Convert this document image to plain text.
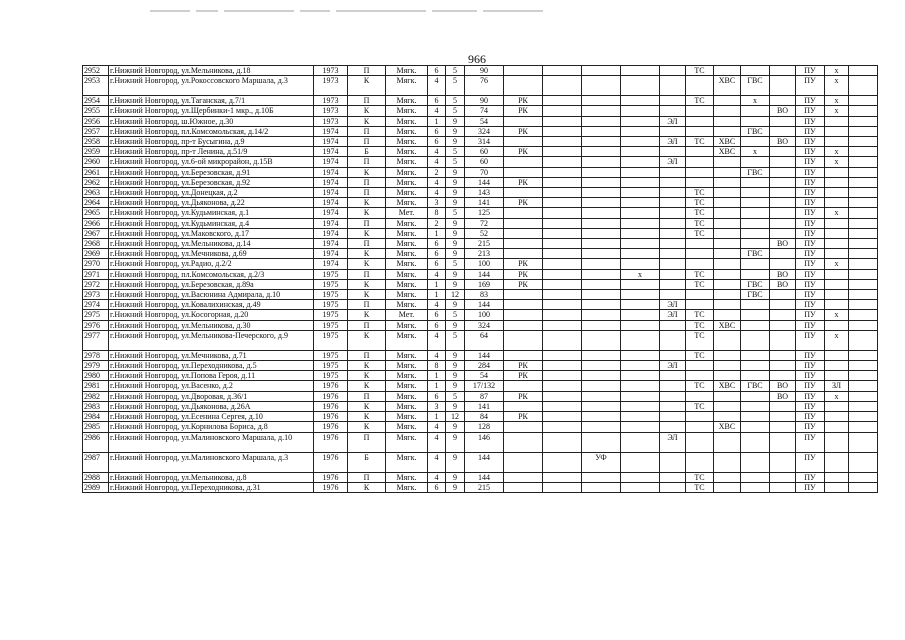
966
2952	г.Нижний Новгород, ул.Мельникова, д.18	1973	П	Мягк.	6	5	90						ТС				ПУ	х	
2953	г.Нижний Новгород, ул.Рокоссовского Маршала, д.3	1973	К	Мягк.	4	5	76							ХВС	ГВС		ПУ	х	
2954	г.Нижний Новгород, ул.Таганская, д.7/1	1973	П	Мягк.	6	5	90	РК					ТС		х		ПУ	х	
2955	г.Нижний Новгород, ул.Щербинки-1 мкр., д.10Б	1973	К	Мягк.	4	5	74	РК								ВО	ПУ	х	
2956	г.Нижний Новгород, ш.Южное, д.30	1973	К	Мягк.	1	9	54					ЭЛ					ПУ		
2957	г.Нижний Новгород, пл.Комсомольская, д.14/2	1974	П	Мягк.	6	9	324	РК							ГВС		ПУ		
2958	г.Нижний Новгород, пр-т Бусыгина, д.9	1974	П	Мягк.	6	9	314					ЭЛ	ТС	ХВС		ВО	ПУ		
2959	г.Нижний Новгород, пр-т Ленина, д.51/9	1974	Б	Мягк.	4	5	60	РК						ХВС	х		ПУ	х	
2960	г.Нижний Новгород, ул.6-ой микрорайон, д.15В	1974	П	Мягк.	4	5	60					ЭЛ					ПУ	х	
2961	г.Нижний Новгород, ул.Березовская, д.91	1974	К	Мягк.	2	9	70								ГВС		ПУ		
2962	г.Нижний Новгород, ул.Березовская, д.92	1974	П	Мягк.	4	9	144	РК									ПУ		
2963	г.Нижний Новгород, ул.Донецкая, д.2	1974	П	Мягк.	4	9	143						ТС				ПУ		
2964	г.Нижний Новгород, ул.Дьяконова, д.22	1974	К	Мягк.	3	9	141	РК					ТС				ПУ		
2965	г.Нижний Новгород, ул.Кудьминская, д.1	1974	К	Мет.	8	5	125						ТС				ПУ	х	
2966	г.Нижний Новгород, ул.Кудьминская, д.4	1974	П	Мягк.	2	9	72						ТС				ПУ		
2967	г.Нижний Новгород, ул.Маковского, д.17	1974	К	Мягк.	1	9	52						ТС				ПУ		
2968	г.Нижний Новгород, ул.Мельникова, д.14	1974	П	Мягк.	6	9	215									ВО	ПУ		
2969	г.Нижний Новгород, ул.Мечникова, д.69	1974	К	Мягк.	6	9	213								ГВС		ПУ		
2970	г.Нижний Новгород, ул.Радио, д.2/2	1974	К	Мягк.	6	5	100	РК									ПУ	х	
2971	г.Нижний Новгород, пл.Комсомольская, д.2/3	1975	П	Мягк.	4	9	144	РК			х		ТС			ВО	ПУ		
2972	г.Нижний Новгород, ул.Березовская, д.89а	1975	К	Мягк.	1	9	169	РК					ТС		ГВС	ВО	ПУ		
2973	г.Нижний Новгород, ул.Васюнина Адмирала, д.10	1975	К	Мягк.	1	12	83								ГВС		ПУ		
2974	г.Нижний Новгород, ул.Ковалихинская, д.49	1975	П	Мягк.	4	9	144					ЭЛ					ПУ		
2975	г.Нижний Новгород, ул.Косогорная, д.20	1975	К	Мет.	6	5	100					ЭЛ	ТС				ПУ	х	
2976	г.Нижний Новгород, ул.Мельникова, д.30	1975	П	Мягк.	6	9	324						ТС	ХВС			ПУ		
2977	г.Нижний Новгород, ул.Мельникова-Печерского, д.9	1975	К	Мягк.	4	5	64						ТС				ПУ	х	
2978	г.Нижний Новгород, ул.Мечникова, д.71	1975	П	Мягк.	4	9	144						ТС				ПУ		
2979	г.Нижний Новгород, ул.Переходникова, д.5	1975	К	Мягк.	8	9	284	РК				ЭЛ					ПУ		
2980	г.Нижний Новгород, ул.Попова Героя, д.11	1975	К	Мягк.	1	9	54	РК									ПУ		
2981	г.Нижний Новгород, ул.Васенко, д.2	1976	К	Мягк.	1	9	17/132						ТС	ХВС	ГВС	ВО	ПУ	ЗЛ	
2982	г.Нижний Новгород, ул.Дворовая, д.36/1	1976	П	Мягк.	6	5	87	РК								ВО	ПУ	х	
2983	г.Нижний Новгород, ул.Дьяконова, д.26А	1976	К	Мягк.	3	9	141						ТС				ПУ		
2984	г.Нижний Новгород, ул.Есенина Сергея, д.10	1976	К	Мягк.	1	12	84	РК									ПУ		
2985	г.Нижний Новгород, ул.Корнилова Бориса, д.8	1976	К	Мягк.	4	9	128							ХВС			ПУ		
2986	г.Нижний Новгород, ул.Малиновского Маршала, д.10	1976	П	Мягк.	4	9	146					ЭЛ					ПУ		
2987	г.Нижний Новгород, ул.Малиновского Маршала, д.3	1976	Б	Мягк.	4	9	144			УФ							ПУ		
2988	г.Нижний Новгород, ул.Мельникова, д.8	1976	П	Мягк.	4	9	144						ТС				ПУ		
2989	г.Нижний Новгород, ул.Переходникова, д.31	1976	К	Мягк.	6	9	215						ТС				ПУ		
